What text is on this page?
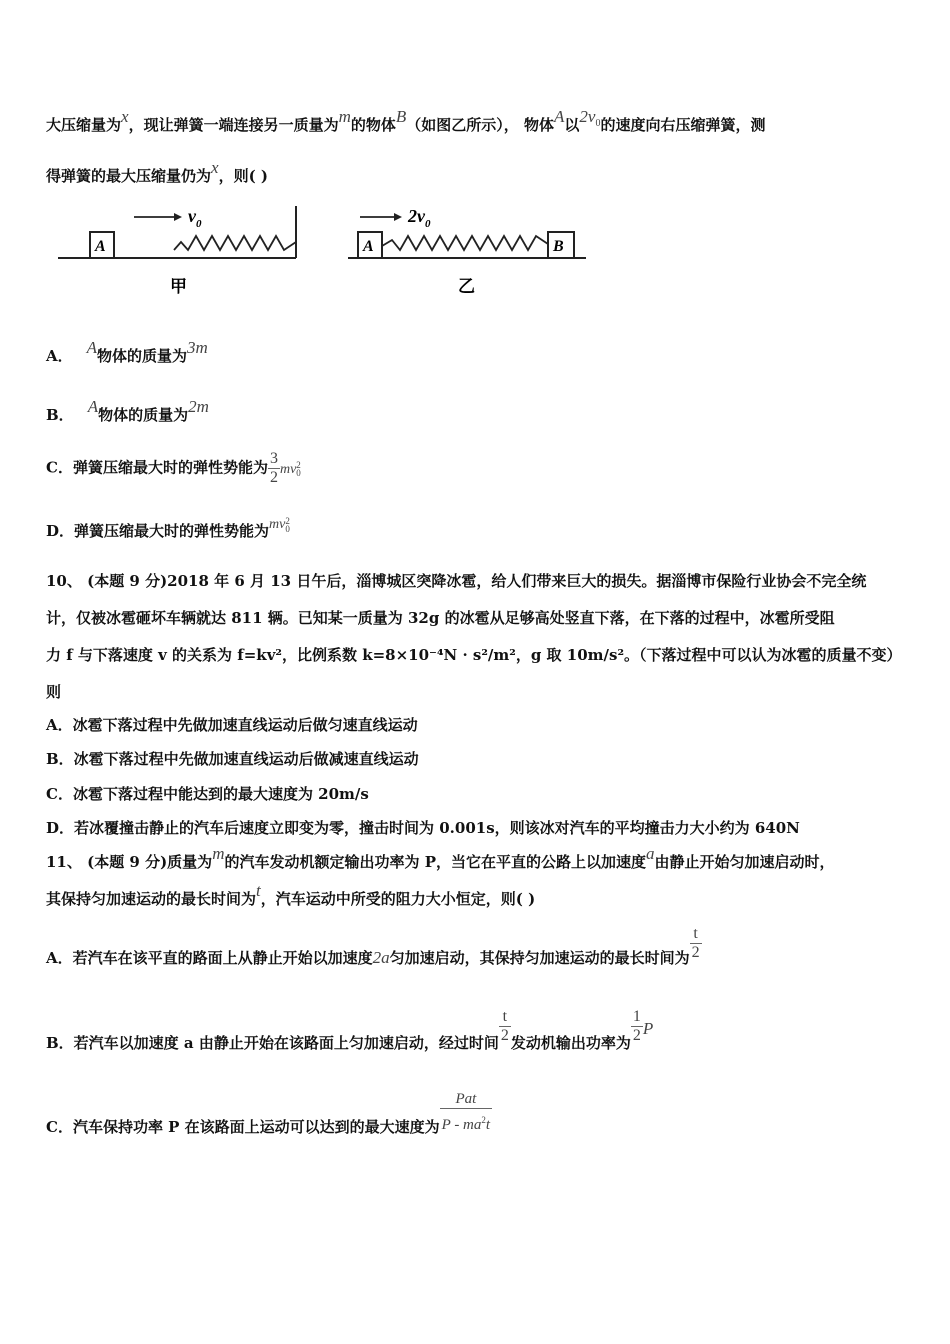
大压缩量为x，现让弹簧一端连接另一质量为m的物体B（如图乙所示）， 物体A以$2v_0$的速度向右压缩弹簧，测
得弹簧的最大压缩量仍为x，则( )
A
$v_0$
甲
A	B
$2v_0$
乙
A． A物体的质量为3m
B． A物体的质量为2m
C．弹簧压缩最大时的弹性势能为 $\frac{3}{2}$ mv 2
0
D．弹簧压缩最大时的弹性势能为mv 2
0
10、 (本题 9 分)2018 年 6 月 13 日午后，淄博城区突降冰雹，给人们带来巨大的损失。据淄博市保险行业协会不完全统
计，仅被冰雹砸坏车辆就达 811 辆。已知某一质量为 32g 的冰雹从足够高处竖直下落，在下落的过程中，冰雹所受阻
力 f 与下落速度 v 的关系为 f=kv²，比例系数 k=8×10⁻⁴N · s²/m²，g 取 10m/s²。（下落过程中可以认为冰雹的质量不变）
则
A．冰雹下落过程中先做加速直线运动后做匀速直线运动
B．冰雹下落过程中先做加速直线运动后做减速直线运动
C．冰雹下落过程中能达到的最大速度为 20m/s
D．若冰覆撞击静止的汽车后速度立即变为零，撞击时间为 0.001s，则该冰对汽车的平均撞击力大小约为 640N
11、 (本题 9 分)质量为m的汽车发动机额定输出功率为 P，当它在平直的公路上以加速度a由静止开始匀加速启动时，
其保持匀加速运动的最长时间为t，汽车运动中所受的阻力大小恒定，则( )
A．若汽车在该平直的路面上从静止开始以加速度2a匀加速启动，其保持匀加速运动的最长时间为 $\frac{t}{2}$
B．若汽车以加速度 a 由静止开始在该路面上匀加速启动，经过时间 $\frac{t}{2}$ 发动机输出功率为 $\frac{1}{2}$ P
C．汽车保持功率 P 在该路面上运动可以达到的最大速度为 $\frac{\text{Pat}}{P - ma^2t}$
